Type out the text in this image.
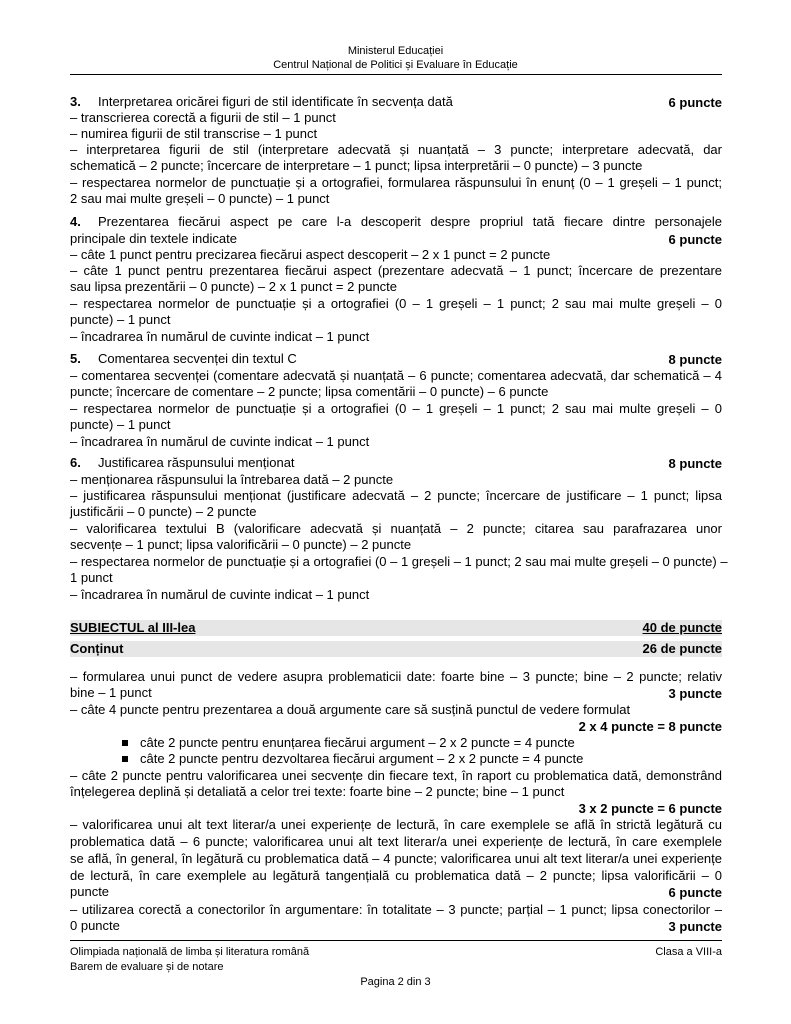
Ministerul Educației
Centrul Național de Politici și Evaluare în Educație
3. Interpretarea oricărei figuri de stil identificate în secvența dată	6 puncte
– transcrierea corectă a figurii de stil – 1 punct
– numirea figurii de stil transcrise – 1 punct
– interpretarea figurii de stil (interpretare adecvată și nuanțată – 3 puncte; interpretare adecvată, dar
schematică – 2 puncte; încercare de interpretare – 1 punct; lipsa interpretării – 0 puncte) – 3 puncte
– respectarea normelor de punctuație și a ortografiei, formularea răspunsului în enunț (0 – 1 greșeli – 1 punct;
2 sau mai multe greșeli – 0 puncte) – 1 punct
4. Prezentarea fiecărui aspect pe care l-a descoperit despre propriul tată fiecare dintre personajele
principale din textele indicate	6 puncte
– câte 1 punct pentru precizarea fiecărui aspect descoperit – 2 x 1 punct = 2 puncte
– câte 1 punct pentru prezentarea fiecărui aspect (prezentare adecvată – 1 punct; încercare de prezentare
sau lipsa prezentării – 0 puncte) – 2 x 1 punct = 2 puncte
– respectarea normelor de punctuație și a ortografiei (0 – 1 greșeli – 1 punct; 2 sau mai multe greșeli – 0
puncte) – 1 punct
– încadrarea în numărul de cuvinte indicat – 1 punct
5. Comentarea secvenței din textul C	8 puncte
– comentarea secvenței (comentare adecvată și nuanțată – 6 puncte; comentarea adecvată, dar schematică – 4
puncte; încercare de comentare – 2 puncte; lipsa comentării – 0 puncte) – 6 puncte
– respectarea normelor de punctuație și a ortografiei (0 – 1 greșeli – 1 punct; 2 sau mai multe greșeli – 0
puncte) – 1 punct
– încadrarea în numărul de cuvinte indicat – 1 punct
6. Justificarea răspunsului menționat	8 puncte
– menționarea răspunsului la întrebarea dată – 2 puncte
– justificarea răspunsului menționat (justificare adecvată – 2 puncte; încercare de justificare – 1 punct; lipsa
justificării – 0 puncte) – 2 puncte
– valorificarea textului B (valorificare adecvată și nuanțată – 2 puncte; citarea sau parafrazarea unor
secvențe – 1 punct; lipsa valorificării – 0 puncte) – 2 puncte
– respectarea normelor de punctuație și a ortografiei (0 – 1 greșeli – 1 punct; 2 sau mai multe greșeli – 0 puncte) –
1 punct
– încadrarea în numărul de cuvinte indicat – 1 punct
SUBIECTUL al III-lea	40 de puncte
Conținut	26 de puncte
– formularea unui punct de vedere asupra problematicii date: foarte bine – 3 puncte; bine – 2 puncte; relativ
bine – 1 punct	3 puncte
– câte 4 puncte pentru prezentarea a două argumente care să susțină punctul de vedere formulat
2 x 4 puncte = 8 puncte
câte 2 puncte pentru enunțarea fiecărui argument – 2 x 2 puncte = 4 puncte
câte 2 puncte pentru dezvoltarea fiecărui argument – 2 x 2 puncte = 4 puncte
– câte 2 puncte pentru valorificarea unei secvențe din fiecare text, în raport cu problematica dată, demonstrând
înțelegerea deplină și detaliată a celor trei texte: foarte bine – 2 puncte; bine – 1 punct
3 x 2 puncte = 6 puncte
– valorificarea unui alt text literar/a unei experiențe de lectură, în care exemplele se află în strictă legătură cu
problematica dată – 6 puncte; valorificarea unui alt text literar/a unei experiențe de lectură, în care exemplele
se află, în general, în legătură cu problematica dată – 4 puncte; valorificarea unui alt text literar/a unei experiențe
de lectură, în care exemplele au legătură tangențială cu problematica dată – 2 puncte; lipsa valorificării – 0
puncte	6 puncte
– utilizarea corectă a conectorilor în argumentare: în totalitate – 3 puncte; parțial – 1 punct; lipsa conectorilor –
0 puncte	3 puncte
Olimpiada națională de limba și literatura română	Clasa a VIII-a
Barem de evaluare și de notare
Pagina 2 din 3
